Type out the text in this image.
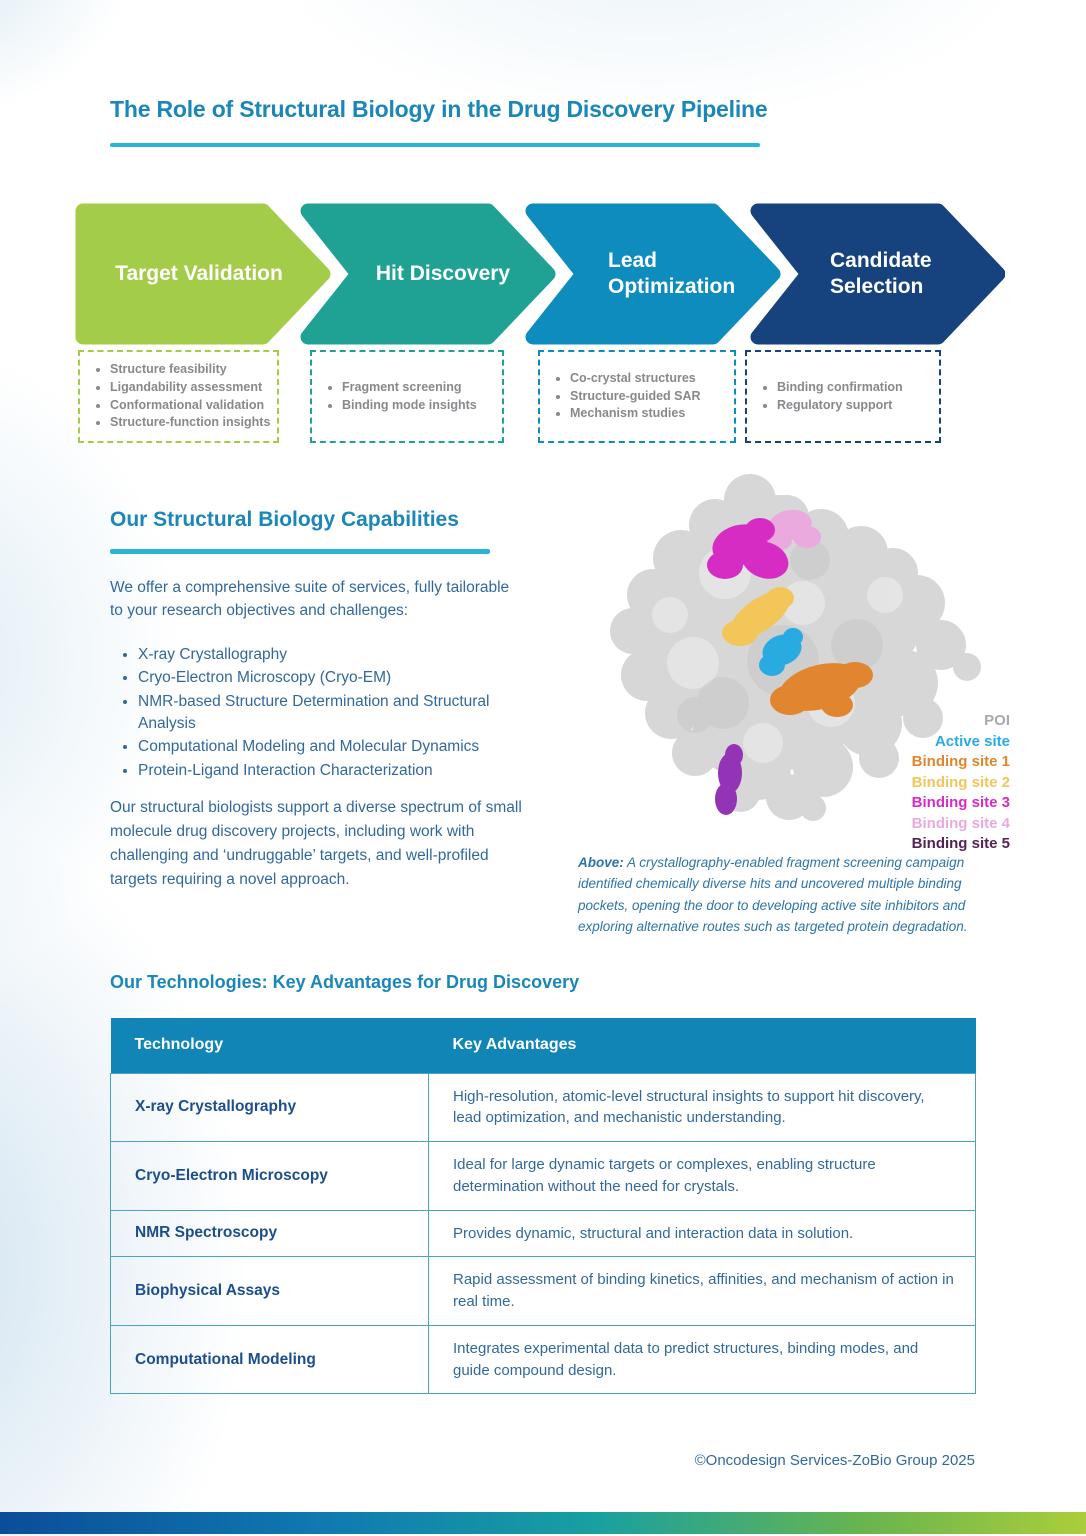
The Role of Structural Biology in the Drug Discovery Pipeline
Target Validation	Hit Discovery
Lead
Optimization
Candidate
Selection
• Structure feasibility
• Ligandability assessment
• Conformational validation
• Structure-function insights
• Fragment screening
• Binding mode insights
• Co-crystal structures
• Structure-guided SAR
• Mechanism studies
• Binding confirmation
• Regulatory support
Our Structural Biology Capabilities
We offer a comprehensive suite of services, fully tailorable to your research objectives and challenges:
• X-ray Crystallography
• Cryo-Electron Microscopy (Cryo-EM)
• NMR-based Structure Determination and Structural Analysis
• Computational Modeling and Molecular Dynamics
• Protein-Ligand Interaction Characterization
Our structural biologists support a diverse spectrum of small molecule drug discovery projects, including work with challenging and ‘undruggable’ targets, and well-profiled targets requiring a novel approach.
POI
Active site
Binding site 1
Binding site 2
Binding site 3
Binding site 4
Binding site 5
Above: A crystallography-enabled fragment screening campaign identified chemically diverse hits and uncovered multiple binding pockets, opening the door to developing active site inhibitors and exploring alternative routes such as targeted protein degradation.
Our Technologies: Key Advantages for Drug Discovery
Technology	Key Advantages
X-ray Crystallography	High-resolution, atomic-level structural insights to support hit discovery, lead optimization, and mechanistic understanding.
Cryo-Electron Microscopy	Ideal for large dynamic targets or complexes, enabling structure determination without the need for crystals.
NMR Spectroscopy	Provides dynamic, structural and interaction data in solution.
Biophysical Assays	Rapid assessment of binding kinetics, affinities, and mechanism of action in real time.
Computational Modeling	Integrates experimental data to predict structures, binding modes, and guide compound design.
©Oncodesign Services-ZoBio Group 2025
